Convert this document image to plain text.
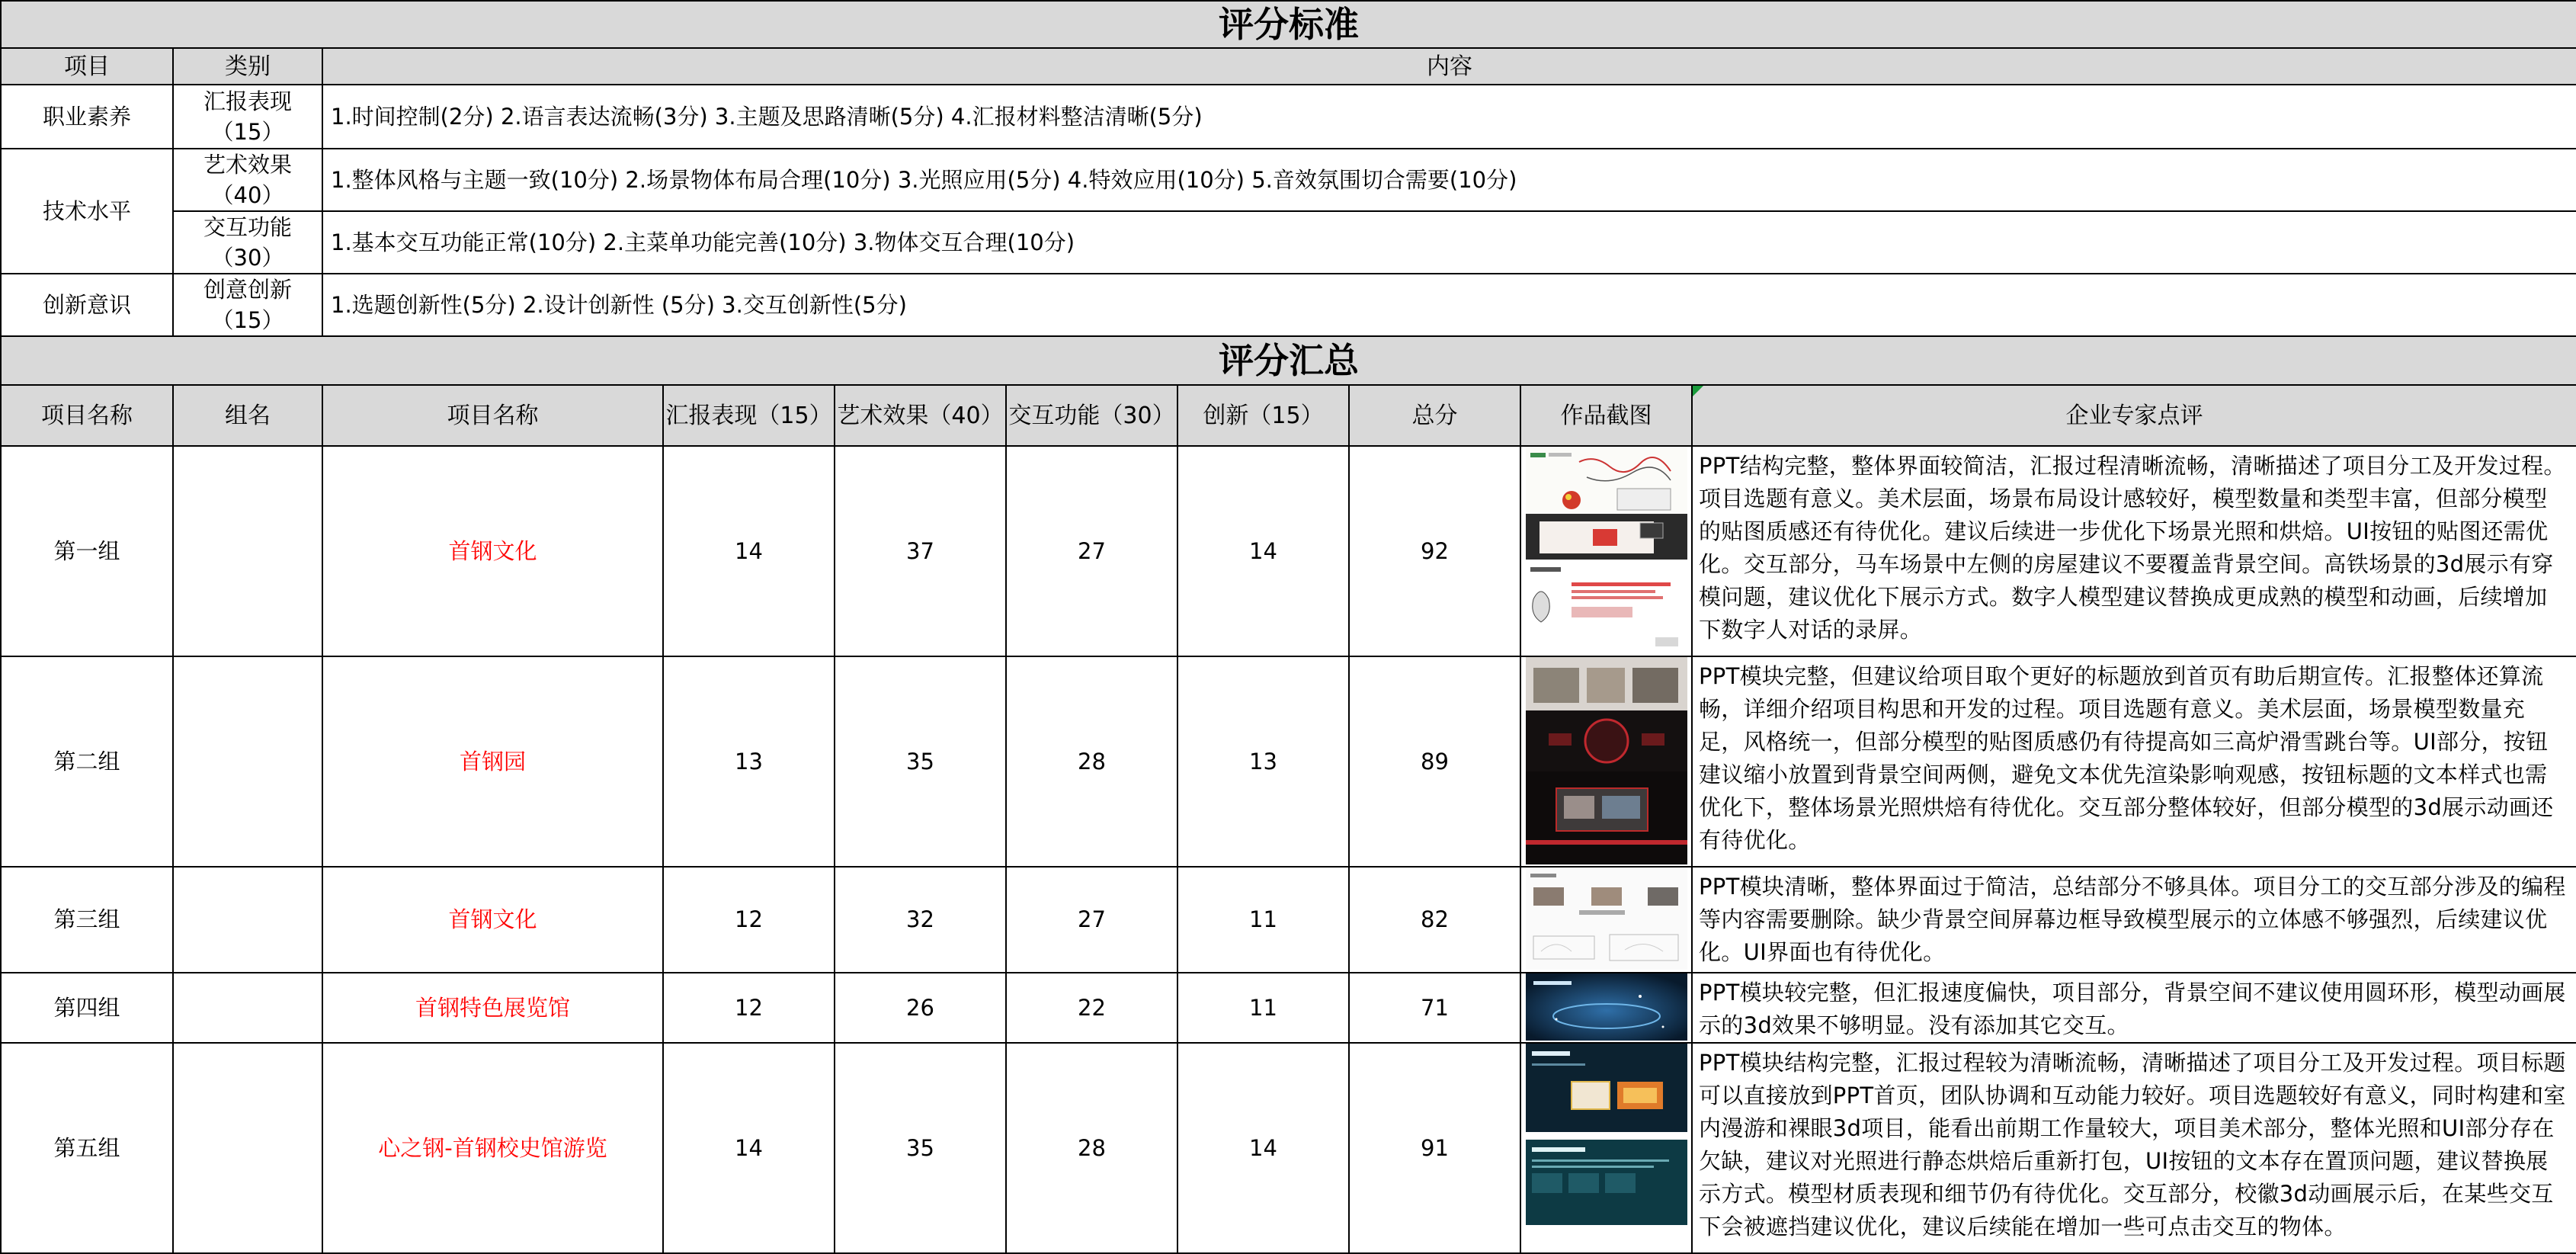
评分标准									
项目	类别	内容							
职业素养	汇报表现（15）	1.时间控制(2分) 2.语言表达流畅(3分) 3.主题及思路清晰(5分) 4.汇报材料整洁清晰(5分)							
技术水平	艺术效果（40）	1.整体风格与主题一致(10分) 2.场景物体布局合理(10分) 3.光照应用(5分) 4.特效应用(10分) 5.音效氛围切合需要(10分)							
	交互功能（30）	1.基本交互功能正常(10分) 2.主菜单功能完善(10分) 3.物体交互合理(10分)							
创新意识	创意创新（15）	1.选题创新性(5分) 2.设计创新性 (5分) 3.交互创新性(5分)							
评分汇总									
项目名称	组名	项目名称	汇报表现（15）	艺术效果（40）	交互功能（30）	创新（15）	总分	作品截图	企业专家点评
第一组		首钢文化	14	37	27	14	92		PPT结构完整，整体界面较简洁，汇报过程清晰流畅，清晰描述了项目分工及开发过程。项目选题有意义。美术层面，场景布局设计感较好，模型数量和类型丰富，但部分模型的贴图质感还有待优化。建议后续进一步优化下场景光照和烘焙。UI按钮的贴图还需优化。交互部分，马车场景中左侧的房屋建议不要覆盖背景空间。高铁场景的3d展示有穿模问题，建议优化下展示方式。数字人模型建议替换成更成熟的模型和动画，后续增加下数字人对话的录屏。
第二组		首钢园	13	35	28	13	89		PPT模块完整，但建议给项目取个更好的标题放到首页有助后期宣传。汇报整体还算流畅，详细介绍项目构思和开发的过程。项目选题有意义。美术层面，场景模型数量充足，风格统一，但部分模型的贴图质感仍有待提高如三高炉滑雪跳台等。UI部分，按钮建议缩小放置到背景空间两侧，避免文本优先渲染影响观感，按钮标题的文本样式也需优化下，整体场景光照烘焙有待优化。交互部分整体较好，但部分模型的3d展示动画还有待优化。
第三组		首钢文化	12	32	27	11	82		PPT模块清晰，整体界面过于简洁，总结部分不够具体。项目分工的交互部分涉及的编程等内容需要删除。缺少背景空间屏幕边框导致模型展示的立体感不够强烈，后续建议优化。UI界面也有待优化。
第四组		首钢特色展览馆	12	26	22	11	71		PPT模块较完整，但汇报速度偏快，项目部分，背景空间不建议使用圆环形，模型动画展示的3d效果不够明显。没有添加其它交互。
第五组		心之钢-首钢校史馆游览	14	35	28	14	91		PPT模块结构完整，汇报过程较为清晰流畅，清晰描述了项目分工及开发过程。项目标题可以直接放到PPT首页，团队协调和互动能力较好。项目选题较好有意义，同时构建和室内漫游和裸眼3d项目，能看出前期工作量较大，项目美术部分，整体光照和UI部分存在欠缺，建议对光照进行静态烘焙后重新打包，UI按钮的文本存在置顶问题，建议替换展示方式。模型材质表现和细节仍有待优化。交互部分，校徽3d动画展示后，在某些交互下会被遮挡建议优化，建议后续能在增加一些可点击交互的物体。
